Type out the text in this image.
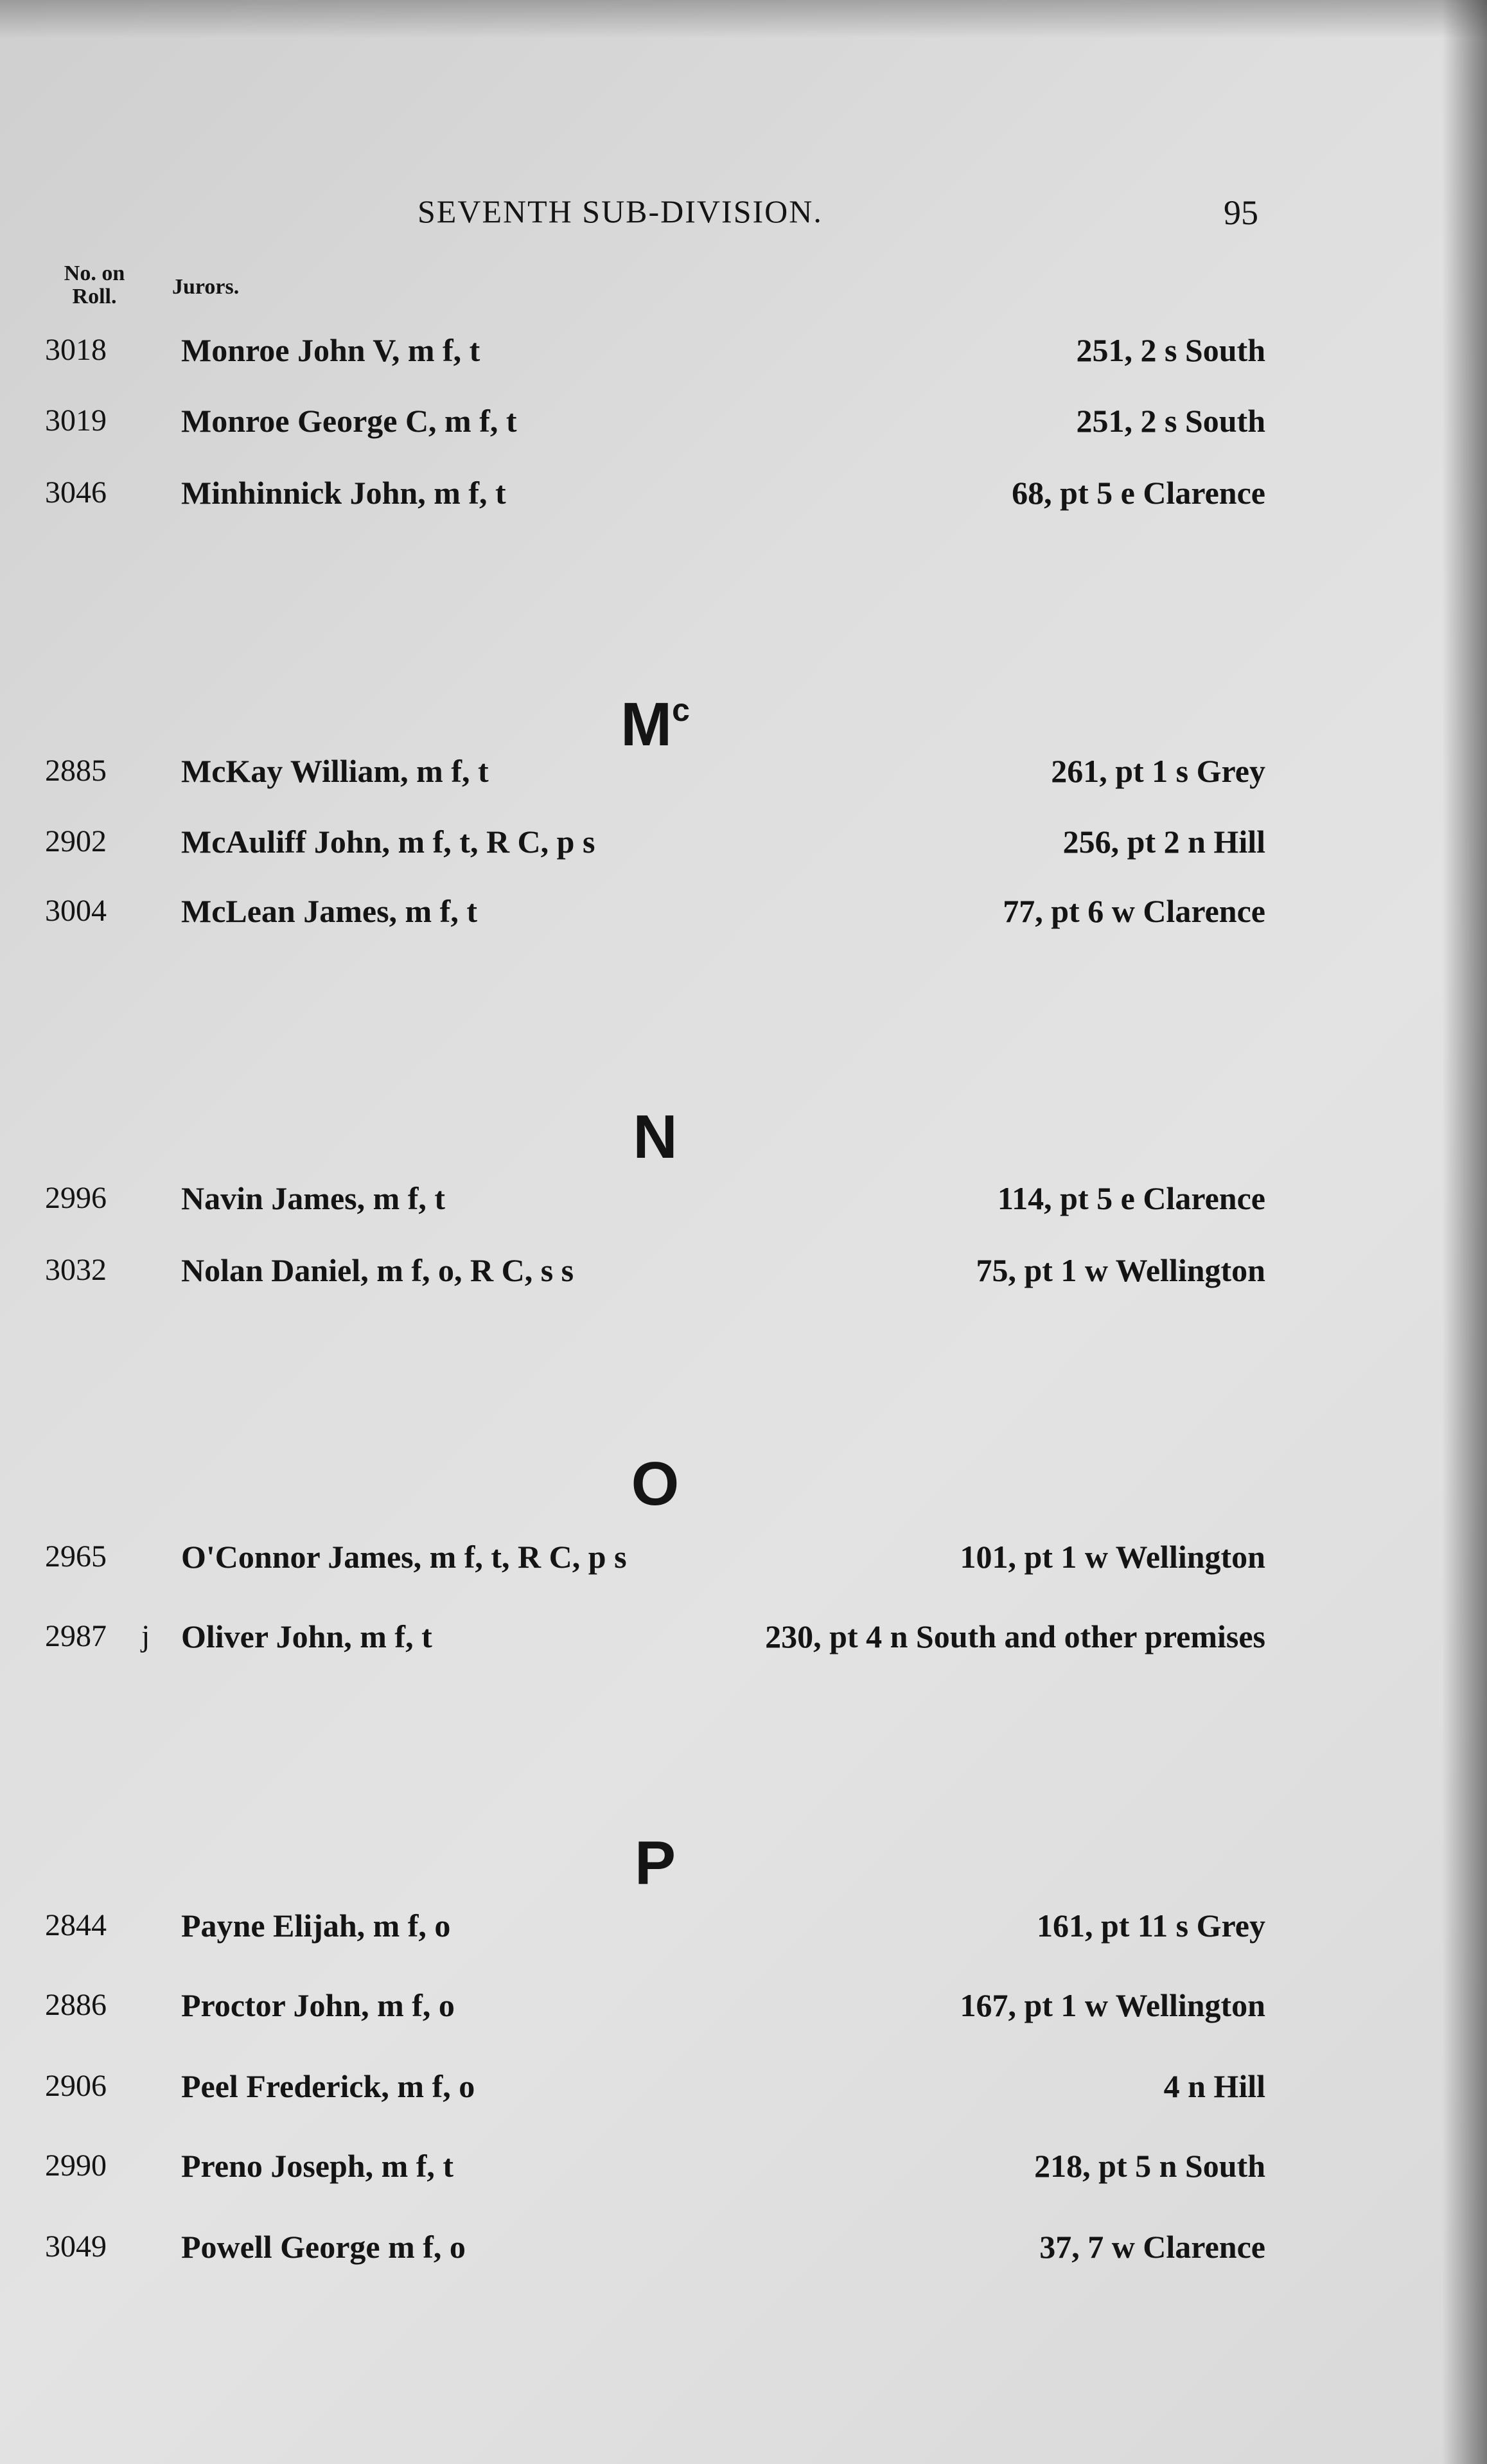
SEVENTH SUB-DIVISION.	95
No. on
Roll.	Jurors.
3018	Monroe John V, m f, t	251, 2 s South
3019	Monroe George C, m f, t	251, 2 s South
3046	Minhinnick John, m f, t	68, pt 5 e Clarence
$M^c$
2885	McKay William, m f, t	261, pt 1 s Grey
2902	McAuliff John, m f, t, R C, p s	256, pt 2 n Hill
3004	McLean James, m f, t	77, pt 6 w Clarence
N
2996	Navin James, m f, t	114, pt 5 e Clarence
3032	Nolan Daniel, m f, o, R C, s s	75, pt 1 w Wellington
O
2965	O'Connor James, m f, t, R C, p s	101, pt 1 w Wellington
2987	j Oliver John, m f, t	230, pt 4 n South and other premises
P
2844	Payne Elijah, m f, o	161, pt 11 s Grey
2886	Proctor John, m f, o	167, pt 1 w Wellington
2906	Peel Frederick, m f, o	4 n Hill
2990	Preno Joseph, m f, t	218, pt 5 n South
3049	Powell George m f, o	37, 7 w Clarence
